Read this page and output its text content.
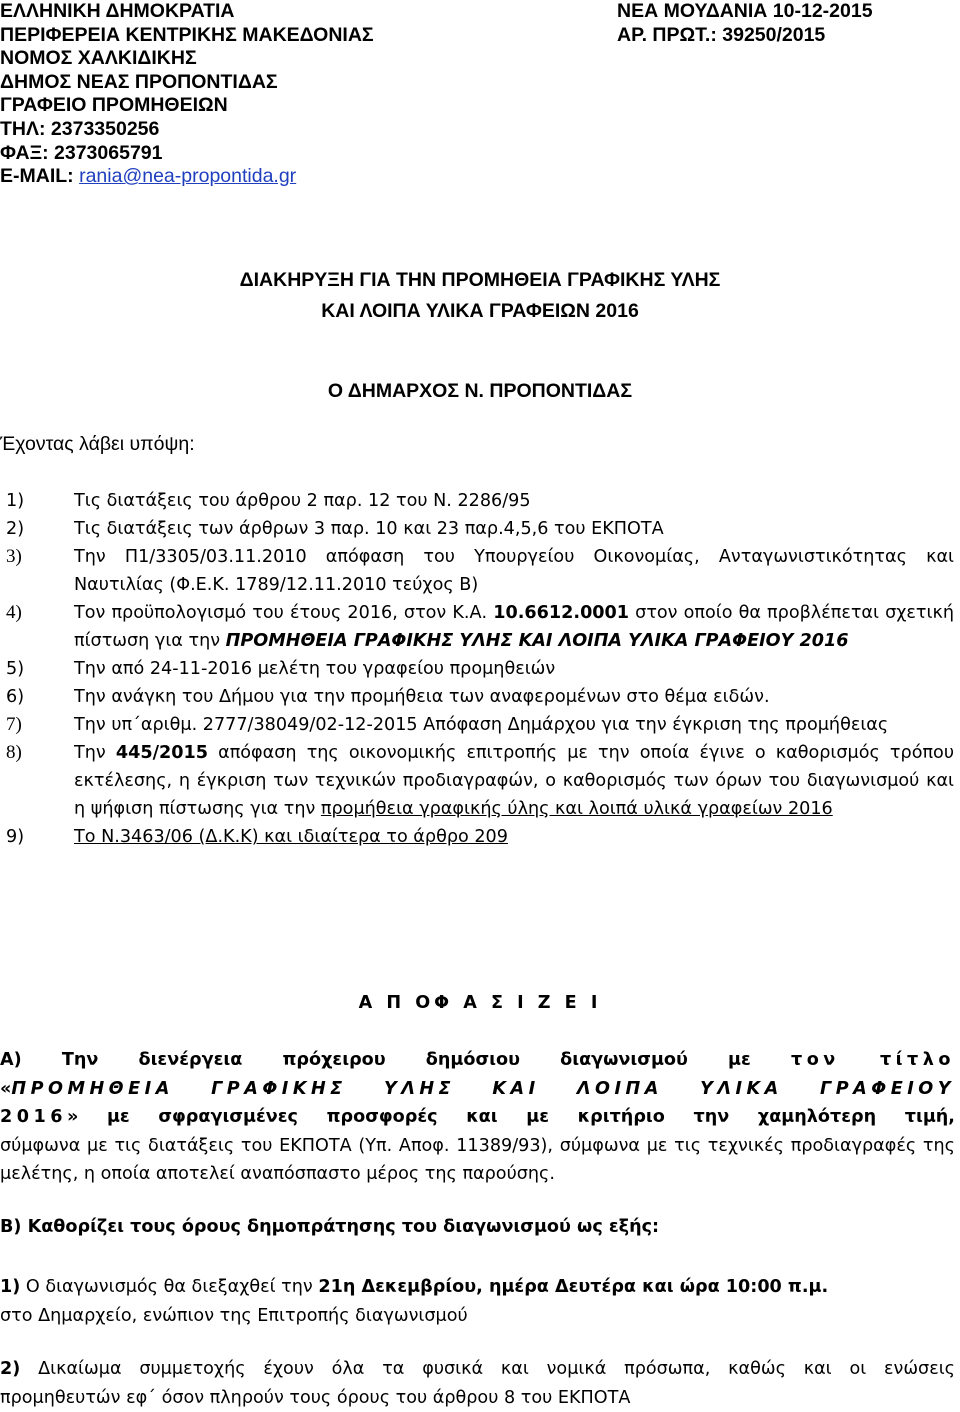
ΕΛΛΗΝΙΚΗ ΔΗΜΟΚΡΑΤΙΑ
ΠΕΡΙΦΕΡΕΙΑ ΚΕΝΤΡΙΚΗΣ ΜΑΚΕΔΟΝΙΑΣ
ΝΟΜΟΣ ΧΑΛΚΙΔΙΚΗΣ
ΔΗΜΟΣ ΝΕΑΣ ΠΡΟΠΟΝΤΙΔΑΣ
ΓΡΑΦΕΙΟ ΠΡΟΜΗΘΕΙΩΝ
ΤΗΛ: 2373350256
ΦΑΞ: 2373065791
E-MAIL: rania@nea-propontida.gr
ΝΕΑ ΜΟΥΔΑΝΙΑ 10-12-2015
ΑΡ. ΠΡΩΤ.: 39250/2015
ΔΙΑΚΗΡΥΞΗ ΓΙΑ ΤΗΝ ΠΡΟΜΗΘΕΙΑ ΓΡΑΦΙΚΗΣ ΥΛΗΣ
ΚΑΙ ΛΟΙΠΑ ΥΛΙΚΑ ΓΡΑΦΕΙΩΝ 2016
Ο ΔΗΜΑΡΧΟΣ Ν. ΠΡΟΠΟΝΤΙΔΑΣ
Έχοντας λάβει υπόψη:
1)	Τις διατάξεις του άρθρου 2 παρ. 12 του Ν. 2286/95
2)	Τις διατάξεις των άρθρων 3 παρ. 10 και 23 παρ.4,5,6 του ΕΚΠΟΤΑ
3)	Την Π1/3305/03.11.2010 απόφαση του Υπουργείου Οικονομίας, Ανταγωνιστικότητας και Ναυτιλίας (Φ.Ε.Κ. 1789/12.11.2010 τεύχος Β)
4)	Τον προϋπολογισμό του έτους 2016, στον Κ.Α. 10.6612.0001 στον οποίο θα προβλέπεται σχετική πίστωση για την ΠΡΟΜΗΘΕΙΑ ΓΡΑΦΙΚΗΣ ΥΛΗΣ ΚΑΙ ΛΟΙΠΑ ΥΛΙΚΑ ΓΡΑΦΕΙΟΥ 2016
5)	Την από 24-11-2016 μελέτη του γραφείου προμηθειών
6)	Την ανάγκη του Δήμου για την προμήθεια των αναφερομένων στο θέμα ειδών.
7)	Την υπ΄αριθμ. 2777/38049/02-12-2015 Απόφαση Δημάρχου για την έγκριση της προμήθειας
8)	Την 445/2015 απόφαση της οικονομικής επιτροπής με την οποία έγινε ο καθορισμός τρόπου εκτέλεσης, η έγκριση των τεχνικών προδιαγραφών, ο καθορισμός των όρων του διαγωνισμού και η ψήφιση πίστωσης για την προμήθεια γραφικής ύλης και λοιπά υλικά γραφείων 2016
9)	Το Ν.3463/06 (Δ.Κ.Κ) και ιδιαίτερα το άρθρο 209
Α Π ΟΦ Α Σ Ι Ζ Ε Ι
Α) Την διενέργεια πρόχειρου δημόσιου διαγωνισμού με τον τίτλο
«ΠΡΟΜΗΘΕΙΑ ΓΡΑΦΙΚΗΣ ΥΛΗΣ ΚΑΙ ΛΟΙΠΑ ΥΛΙΚΑ ΓΡΑΦΕΙΟΥ
2016» με σφραγισμένες προσφορές και με κριτήριο την χαμηλότερη τιμή,
σύμφωνα με τις διατάξεις του ΕΚΠΟΤΑ (Υπ. Αποφ. 11389/93), σύμφωνα με τις τεχνικές προδιαγραφές της μελέτης, η οποία αποτελεί αναπόσπαστο μέρος της παρούσης.
Β) Καθορίζει τους όρους δημοπράτησης του διαγωνισμού ως εξής:
1) Ο διαγωνισμός θα διεξαχθεί την 21η Δεκεμβρίου, ημέρα Δευτέρα και ώρα 10:00 π.μ.
στο Δημαρχείο, ενώπιον της Επιτροπής διαγωνισμού
2) Δικαίωμα συμμετοχής έχουν όλα τα φυσικά και νομικά πρόσωπα, καθώς και οι ενώσεις
προμηθευτών εφ΄ όσον πληρούν τους όρους του άρθρου 8 του ΕΚΠΟΤΑ
